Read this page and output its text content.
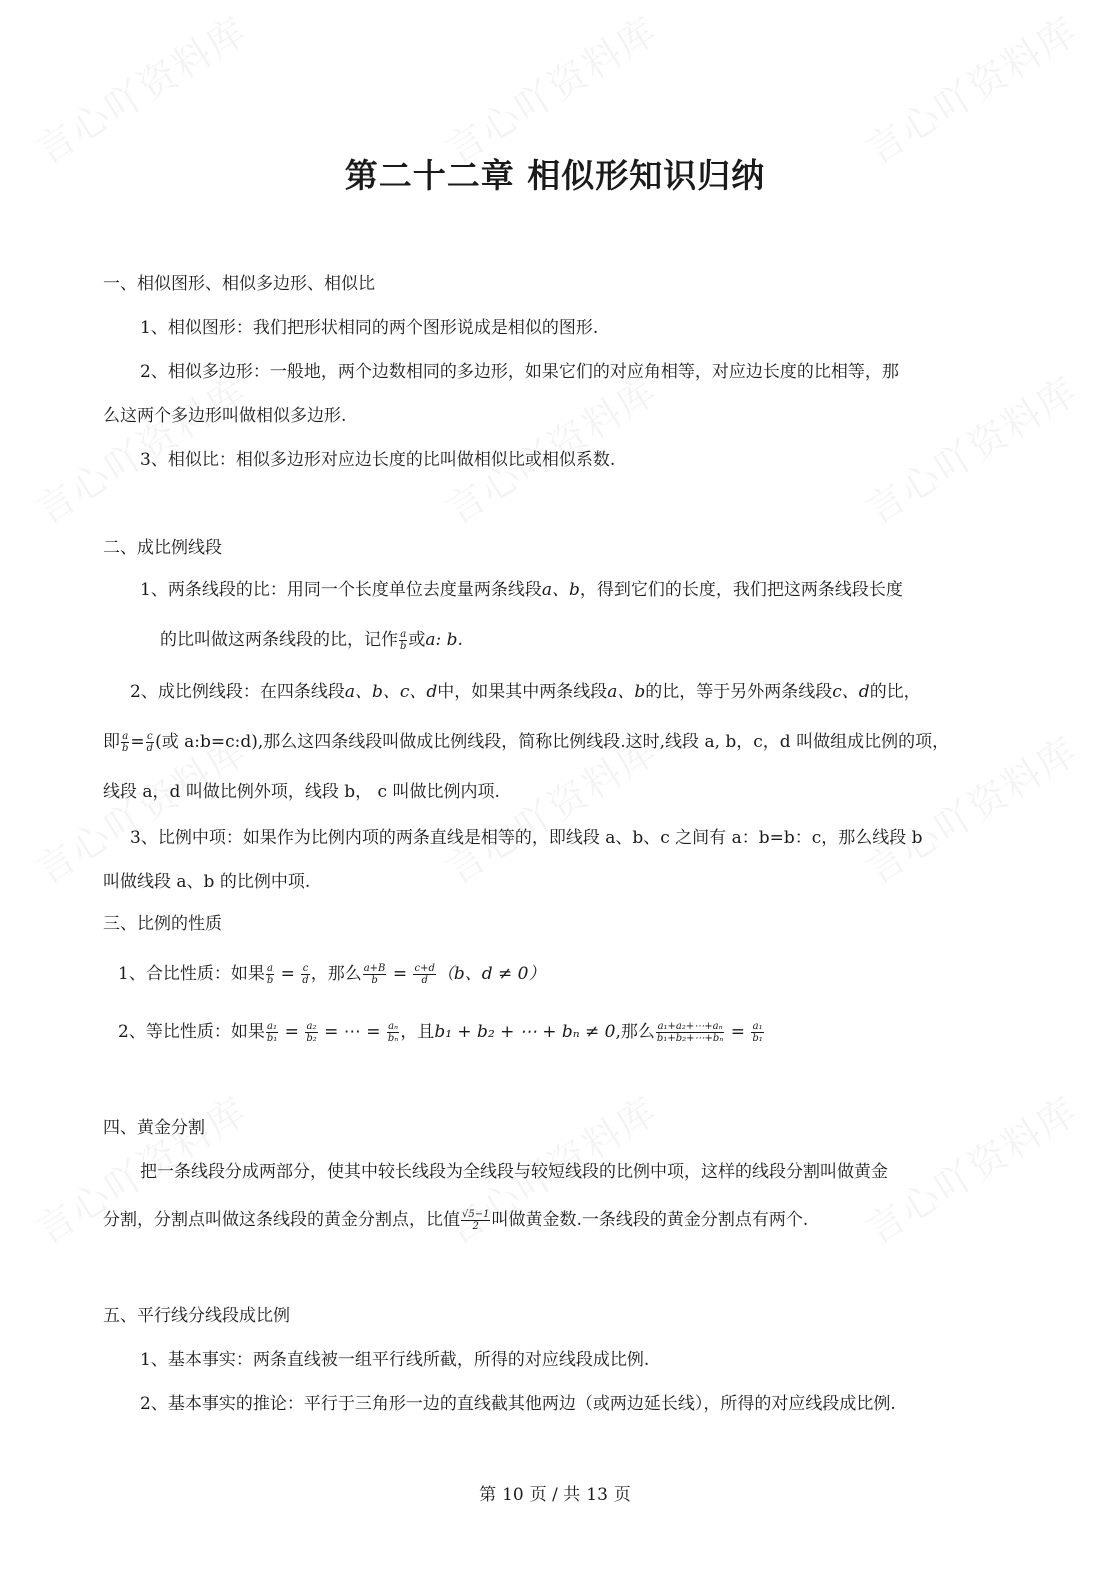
第二十二章 相似形知识归纳
一、相似图形、相似多边形、相似比
1、相似图形：我们把形状相同的两个图形说成是相似的图形.
2、相似多边形：一般地，两个边数相同的多边形，如果它们的对应角相等，对应边长度的比相等，那
么这两个多边形叫做相似多边形.
3、相似比：相似多边形对应边长度的比叫做相似比或相似系数.
二、成比例线段
1、两条线段的比：用同一个长度单位去度量两条线段a、b，得到它们的长度，我们把这两条线段长度
的比叫做这两条线段的比，记作 $\frac{a}{b}$ 或a: b.
2、成比例线段：在四条线段a、b、c、d中，如果其中两条线段a、b的比，等于另外两条线段c、d的比，
即 $\frac{a}{b} = \frac{c}{d}$ (或 a:b=c:d),那么这四条线段叫做成比例线段，简称比例线段.这时,线段 a, b，c，d 叫做组成比例的项，
线段 a，d 叫做比例外项，线段 b， c 叫做比例内项.
3、比例中项：如果作为比例内项的两条直线是相等的，即线段 a、b、c 之间有 a：b=b：c，那么线段 b
叫做线段 a、b 的比例中项.
三、比例的性质
1、合比性质：如果 $\frac{a}{b} = \frac{c}{d}$ ，那么 $\frac{a+B}{b} = \frac{c+d}{d} (b$、d ≠ 0）
2、等比性质：如果 $\frac{\text{a₁}}{\text{b₁}} = \frac{\text{a₂}}{\text{b₂}}$ = ⋯ = $\frac{\text{aₙ}}{\text{bₙ}}$ ，且b₁ + b₂ + ⋯ + bₙ ≠ 0,那么 $\frac{\text{a₁+a₂+⋯+aₙ}}{\text{b₁+b₂+⋯+bₙ}} = \frac{\text{a₁}}{\text{b₁}}$
四、黄金分割
把一条线段分成两部分，使其中较长线段为全线段与较短线段的比例中项，这样的线段分割叫做黄金
分割，分割点叫做这条线段的黄金分割点，比值 $\frac{√5-1}{2}$ 叫做黄金数.一条线段的黄金分割点有两个.
五、平行线分线段成比例
1、基本事实：两条直线被一组平行线所截，所得的对应线段成比例.
2、基本事实的推论：平行于三角形一边的直线截其他两边（或两边延长线），所得的对应线段成比例.
第 10 页 / 共 13 页
